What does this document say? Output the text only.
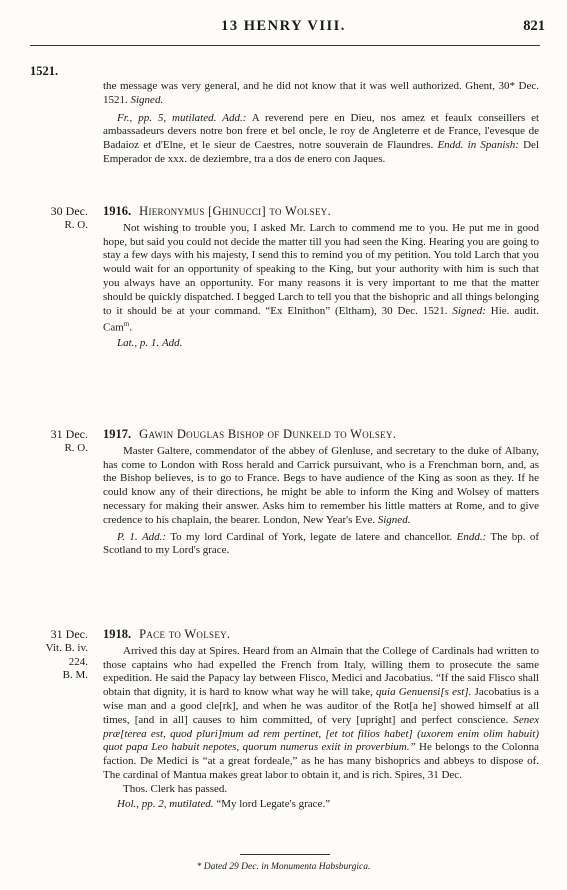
13 HENRY VIII.	821
1521.

the message was very general, and he did not know that it was well authorized. Ghent, 30* Dec. 1521. Signed.

Fr., pp. 5, mutilated. Add.: A reverend pere en Dieu, nos amez et feaulx conseillers et ambassadeurs devers notre bon frere et bel oncle, le roy de Angleterre et de France, l'evesque de Badaioz et d'Elne, et le sieur de Caestres, notre souverain de Flaundres. Endd. in Spanish: Del Emperador de xxx. de deziembre, tra a dos de enero con Jaques.

30 Dec.
R. O.
1916. Hieronymus [Ghinucci] to Wolsey.

Not wishing to trouble you, I asked Mr. Larch to commend me to you. He put me in good hope, but said you could not decide the matter till you had seen the King. Hearing you are going to stay a few days with his majesty, I send this to remind you of my petition. You told Larch that you would wait for an opportunity of speaking to the King, but your authority with him is such that you always have an opportunity. For many reasons it is very important to me that the matter should be quickly dispatched. I begged Larch to tell you that the bishopric and all things belonging to it should be at your command. “Ex Elnithon” (Eltham), 30 Dec. 1521. Signed: Hie. audit. Cam$^m$.

Lat., p. 1. Add.

31 Dec.
R. O.
1917. Gawin Douglas Bishop of Dunkeld to Wolsey.

Master Galtere, commendator of the abbey of Glenluse, and secretary to the duke of Albany, has come to London with Ross herald and Carrick pursuivant, who is a Frenchman born, and, as the Bishop believes, is to go to France. Begs to have audience of the King as soon as they. If he could know any of their directions, he might be able to inform the King and Wolsey of matters necessary for making their answer. Asks him to remember his little matters at Rome, and to give credence to his chaplain, the bearer. London, New Year's Eve. Signed.

P. 1. Add.: To my lord Cardinal of York, legate de latere and chancellor. Endd.: The bp. of Scotland to my Lord's grace.

31 Dec.
Vit. B. iv.
224.
B. M.
1918. Pace to Wolsey.

Arrived this day at Spires. Heard from an Almain that the College of Cardinals had written to those captains who had expelled the French from Italy, willing them to prosecute the same expedition. He said the Papacy lay between Flisco, Medici and Jacobatius. “If the said Flisco shall obtain that dignity, it is hard to know what way he will take, quia Genuensi[s est]. Jacobatius is a wise man and a good cle[rk], and when he was auditor of the Rot[a he] showed himself at all times, [and in all] causes to him committed, of very [upright] and perfect conscience. Senex præ[terea est, quod pluri]mum ad rem pertinet, [et tot filios habet] (uxorem enim olim habuit) quot papa Leo habuit nepotes, quorum numerus exiit in proverbium.” He belongs to the Colonna faction. De Medici is “at a great fordeale,” as he has many bishoprics and abbeys to dispose of. The cardinal of Mantua makes great labor to obtain it, and is rich. Spires, 31 Dec.

Thos. Clerk has passed.

Hol., pp. 2, mutilated. “My lord Legate's grace.”

* Dated 29 Dec. in Monumenta Habsburgica.
